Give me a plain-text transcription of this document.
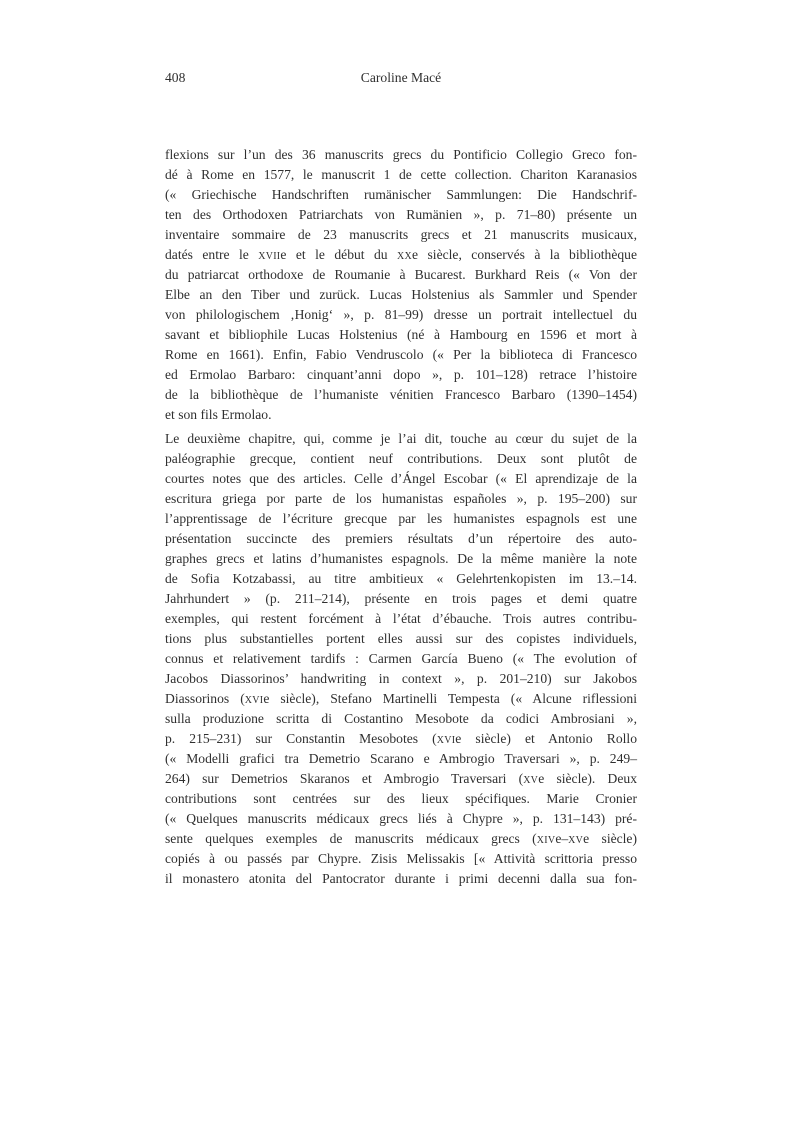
408	Caroline Macé
flexions sur l’un des 36 manuscrits grecs du Pontificio Collegio Greco fon-
dé à Rome en 1577, le manuscrit 1 de cette collection. Chariton Karanasios
(« Griechische Handschriften rumänischer Sammlungen: Die Handschrif-
ten des Orthodoxen Patriarchats von Rumänien », p. 71–80) présente un
inventaire sommaire de 23 manuscrits grecs et 21 manuscrits musicaux,
datés entre le xviie et le début du xxe siècle, conservés à la bibliothèque
du patriarcat orthodoxe de Roumanie à Bucarest. Burkhard Reis (« Von der
Elbe an den Tiber und zurück. Lucas Holstenius als Sammler und Spender
von philologischem ‚Honig‘ », p. 81–99) dresse un portrait intellectuel du
savant et bibliophile Lucas Holstenius (né à Hambourg en 1596 et mort à
Rome en 1661). Enfin, Fabio Vendruscolo (« Per la biblioteca di Francesco
ed Ermolao Barbaro: cinquant’anni dopo », p. 101–128) retrace l’histoire
de la bibliothèque de l’humaniste vénitien Francesco Barbaro (1390–1454)
et son fils Ermolao.
Le deuxième chapitre, qui, comme je l’ai dit, touche au cœur du sujet de la
paléographie grecque, contient neuf contributions. Deux sont plutôt de
courtes notes que des articles. Celle d’Ángel Escobar (« El aprendizaje de la
escritura griega por parte de los humanistas españoles », p. 195–200) sur
l’apprentissage de l’écriture grecque par les humanistes espagnols est une
présentation succincte des premiers résultats d’un répertoire des auto-
graphes grecs et latins d’humanistes espagnols. De la même manière la note
de Sofia Kotzabassi, au titre ambitieux « Gelehrtenkopisten im 13.–14.
Jahrhundert » (p. 211–214), présente en trois pages et demi quatre
exemples, qui restent forcément à l’état d’ébauche. Trois autres contribu-
tions plus substantielles portent elles aussi sur des copistes individuels,
connus et relativement tardifs : Carmen García Bueno (« The evolution of
Jacobos Diassorinos’ handwriting in context », p. 201–210) sur Jakobos
Diassorinos (xvie siècle), Stefano Martinelli Tempesta (« Alcune riflessioni
sulla produzione scritta di Costantino Mesobote da codici Ambrosiani »,
p. 215–231) sur Constantin Mesobotes (xvie siècle) et Antonio Rollo
(« Modelli grafici tra Demetrio Scarano e Ambrogio Traversari », p. 249–
264) sur Demetrios Skaranos et Ambrogio Traversari (xve siècle). Deux
contributions sont centrées sur des lieux spécifiques. Marie Cronier
(« Quelques manuscrits médicaux grecs liés à Chypre », p. 131–143) pré-
sente quelques exemples de manuscrits médicaux grecs (xive–xve siècle)
copiés à ou passés par Chypre. Zisis Melissakis [« Attività scrittoria presso
il monastero atonita del Pantocrator durante i primi decenni dalla sua fon-
